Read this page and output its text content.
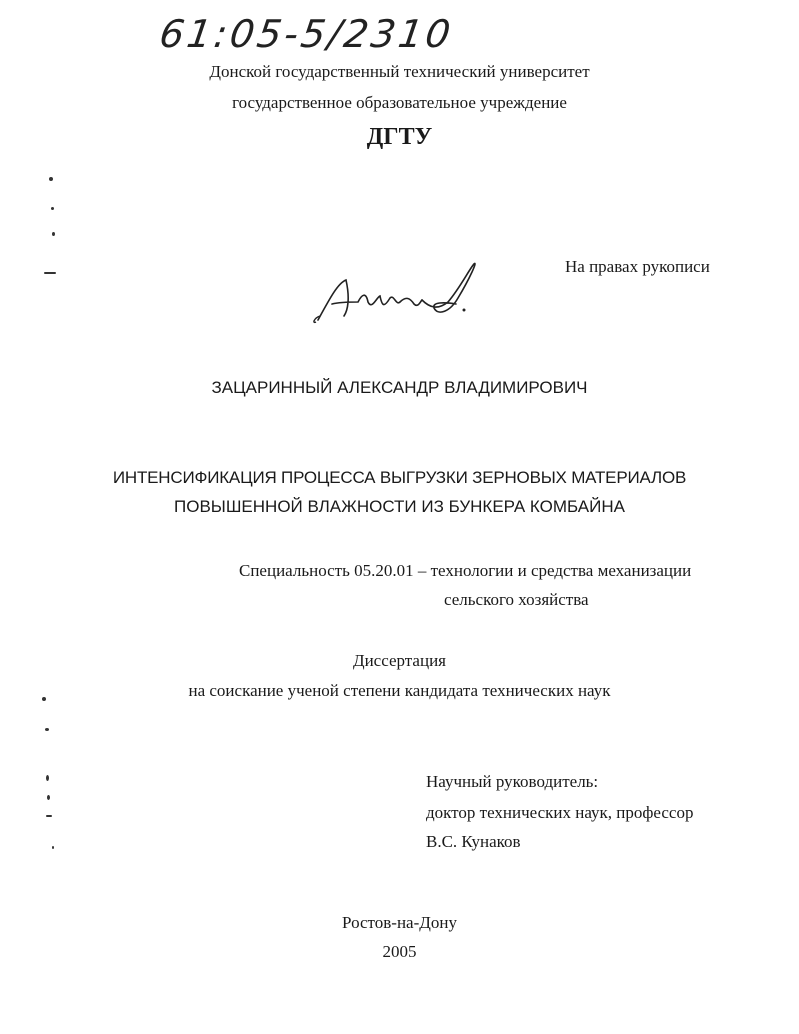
61:05-5/2310
Донской государственный технический университет
государственное образовательное учреждение
ДГТУ
На правах рукописи
ЗАЦАРИННЫЙ АЛЕКСАНДР ВЛАДИМИРОВИЧ
ИНТЕНСИФИКАЦИЯ ПРОЦЕССА ВЫГРУЗКИ ЗЕРНОВЫХ МАТЕРИАЛОВ
ПОВЫШЕННОЙ ВЛАЖНОСТИ ИЗ БУНКЕРА КОМБАЙНА
Специальность 05.20.01 – технологии и средства механизации
сельского хозяйства
Диссертация
на соискание ученой степени кандидата технических наук
Научный руководитель:
доктор технических наук, профессор
В.С. Кунаков
Ростов-на-Дону
2005
